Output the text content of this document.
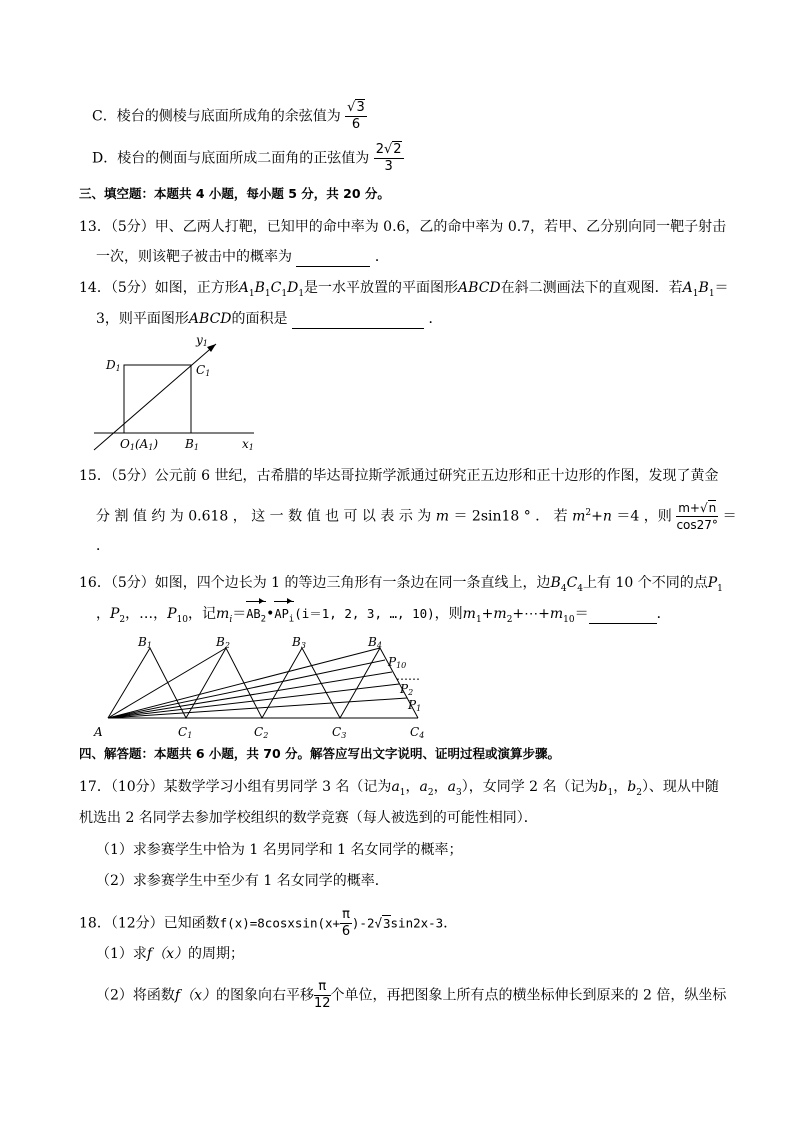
C．棱台的侧棱与底面所成角的余弦值为 $\frac{√3}{6}$
D．棱台的侧面与底面所成二面角的正弦值为 $\frac{2√2}{3}$
三、填空题：本题共 4 小题，每小题 5 分，共 20 分。
13．（5分）甲、乙两人打靶，已知甲的命中率为 0.6，乙的命中率为 0.7，若甲、乙分别向同一靶子射击
一次，则该靶子被击中的概率为	．
14．（5分）如图，正方形$A_1B_1C_1D_1$是一水平放置的平面图形ABCD在斜二测画法下的直观图．若$A_1B_1=$
3，则平面图形ABCD的面积是	．
y1
D1	C1
O1(A1) B1	x1
15．（5分）公元前 6 世纪，古希腊的毕达哥拉斯学派通过研究正五边形和正十边形的作图，发现了黄金
分 割 值 约 为 0.618 ， 这 一 数 值 也 可 以 表 示 为 m ＝ 2sin18 ° ． 若 $m^2+n =4$ ，则 $\frac{m+√n}{\cos 27^\circ}$ ＝
．
16．（5分）如图，四个边长为 1 的等边三角形有一条边在同一条直线上，边$B_4C_4$上有 10 个不同的点$P_1$
，$P_2$，…，$P_{10}$，记$m_i=AB_2•AP_i(i=1$, 2, 3, …, 10)，则$m_1+m_2+\cdots+m_{10}=$	．
B1	B2	B3	B4
P10
……
P2
P1
A	C1	C2	C3	C4
四、解答题：本题共 6 小题，共 70 分。解答应写出文字说明、证明过程或演算步骤。
17．（10分）某数学学习小组有男同学 3 名（记为$a_1$，$a_2$，$a_3$），女同学 2 名（记为$b_1$，$b_2$）、现从中随
机选出 2 名同学去参加学校组织的数学竞赛（每人被选到的可能性相同）．
（1）求参赛学生中恰为 1 名男同学和 1 名女同学的概率；
（2）求参赛学生中至少有 1 名女同学的概率．
18．（12分）已知函数f(x)=8cosxsin(x+ $\frac{\pi}{6} )-2√3\sin 2x-3$．
（1）求f（x）的周期；
（2）将函数f（x）的图象向右平移 $\frac{\pi}{12}$ 个单位，再把图象上所有点的横坐标伸长到原来的 2 倍，纵坐标
